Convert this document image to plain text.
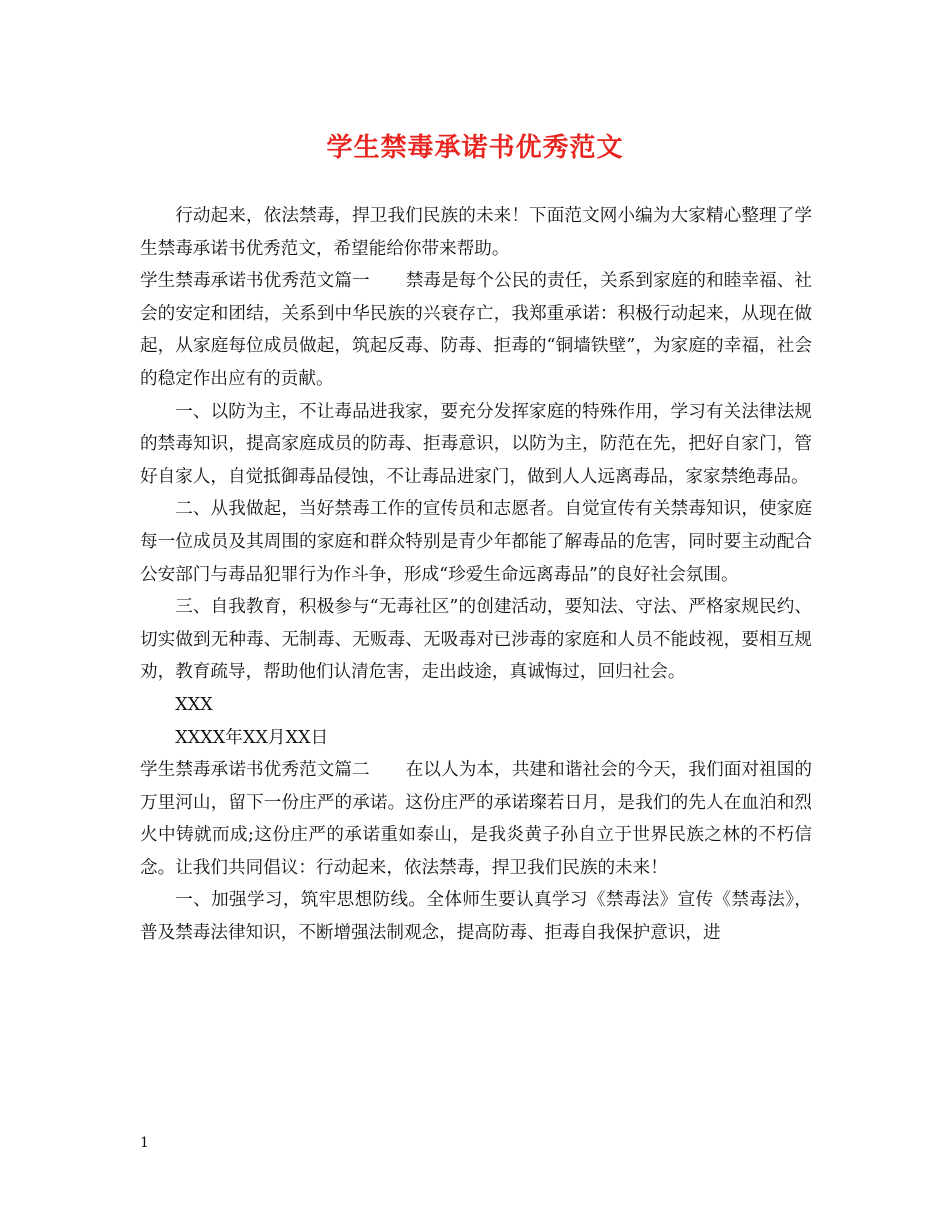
学生禁毒承诺书优秀范文

行动起来，依法禁毒，捍卫我们民族的未来！下面范文网小编为大家精心整理了学生禁毒承诺书优秀范文，希望能给你带来帮助。

学生禁毒承诺书优秀范文篇一 禁毒是每个公民的责任，关系到家庭的和睦幸福、社会的安定和团结，关系到中华民族的兴衰存亡，我郑重承诺：积极行动起来，从现在做起，从家庭每位成员做起，筑起反毒、防毒、拒毒的“铜墙铁壁”，为家庭的幸福，社会的稳定作出应有的贡献。

一、以防为主，不让毒品进我家，要充分发挥家庭的特殊作用，学习有关法律法规的禁毒知识，提高家庭成员的防毒、拒毒意识，以防为主，防范在先，把好自家门，管好自家人，自觉抵御毒品侵蚀，不让毒品进家门，做到人人远离毒品，家家禁绝毒品。

二、从我做起，当好禁毒工作的宣传员和志愿者。自觉宣传有关禁毒知识，使家庭每一位成员及其周围的家庭和群众特别是青少年都能了解毒品的危害，同时要主动配合公安部门与毒品犯罪行为作斗争，形成“珍爱生命远离毒品”的良好社会氛围。

三、自我教育，积极参与“无毒社区”的创建活动，要知法、守法、严格家规民约、切实做到无种毒、无制毒、无贩毒、无吸毒对已涉毒的家庭和人员不能歧视，要相互规劝，教育疏导，帮助他们认清危害，走出歧途，真诚悔过，回归社会。

XXX

XXXX年XX月XX日

学生禁毒承诺书优秀范文篇二 在以人为本，共建和谐社会的今天，我们面对祖国的万里河山，留下一份庄严的承诺。这份庄严的承诺璨若日月，是我们的先人在血泊和烈火中铸就而成;这份庄严的承诺重如泰山，是我炎黄子孙自立于世界民族之林的不朽信念。让我们共同倡议：行动起来，依法禁毒，捍卫我们民族的未来！

一、加强学习，筑牢思想防线。全体师生要认真学习《禁毒法》宣传《禁毒法》，普及禁毒法律知识，不断增强法制观念，提高防毒、拒毒自我保护意识，进

1
